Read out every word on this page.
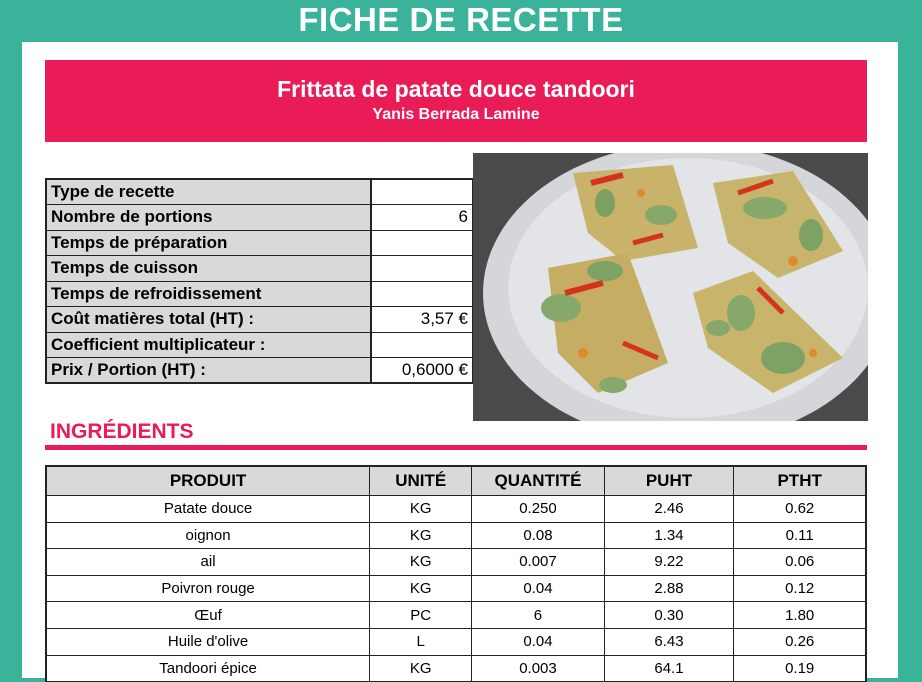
FICHE DE RECETTE
Frittata de patate douce tandoori
Yanis Berrada Lamine
Type de recette	
Nombre de portions	6
Temps de préparation	
Temps de cuisson	
Temps de refroidissement	
Coût matières total (HT) :	3,57 €
Coefficient multiplicateur :	
Prix / Portion (HT) :	0,6000 €
INGRÉDIENTS
PRODUIT	UNITÉ	QUANTITÉ	PUHT	PTHT
Patate douce	KG	0.250	2.46	0.62
oignon	KG	0.08	1.34	0.11
ail	KG	0.007	9.22	0.06
Poivron rouge	KG	0.04	2.88	0.12
Œuf	PC	6	0.30	1.80
Huile d'olive	L	0.04	6.43	0.26
Tandoori épice	KG	0.003	64.1	0.19
